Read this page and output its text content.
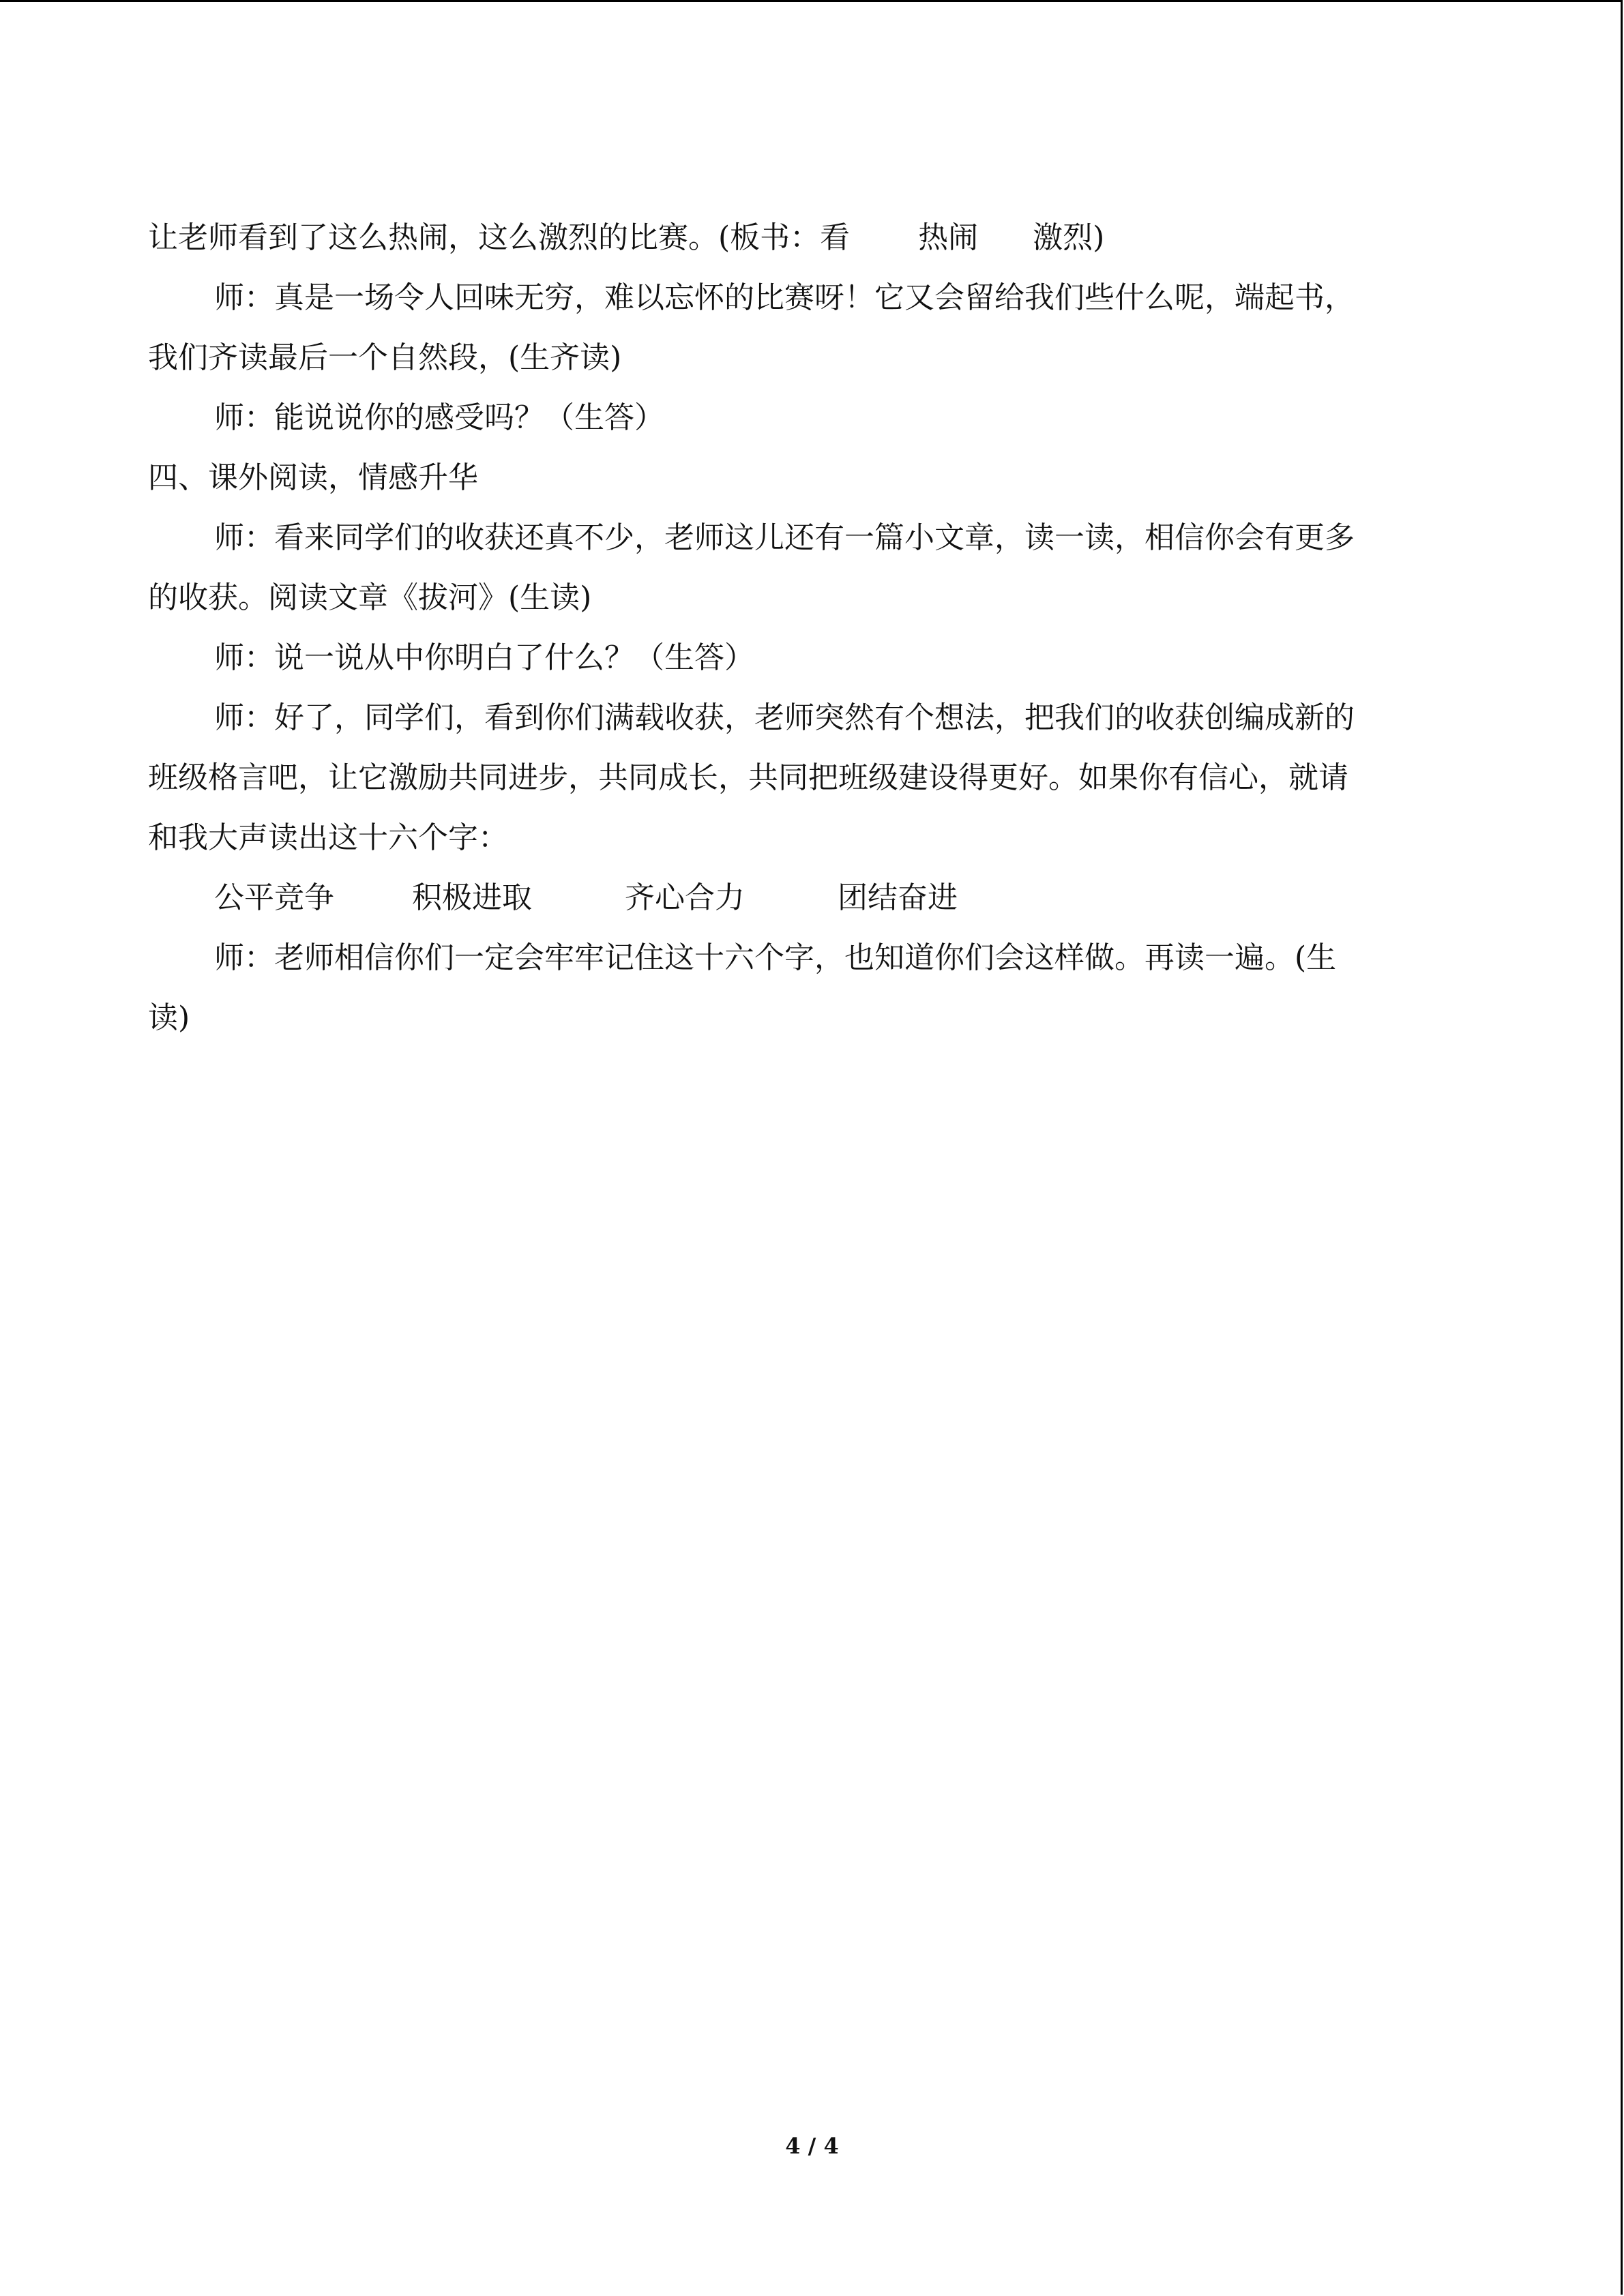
让老师看到了这么热闹，这么激烈的比赛。(板书：看 热闹 激烈)
师：真是一场令人回味无穷，难以忘怀的比赛呀！它又会留给我们些什么呢，端起书，
我们齐读最后一个自然段，(生齐读)
师：能说说你的感受吗？（生答）
四、课外阅读，情感升华
师：看来同学们的收获还真不少，老师这儿还有一篇小文章，读一读，相信你会有更多
的收获。阅读文章《拔河》(生读)
师：说一说从中你明白了什么？（生答）
师：好了，同学们，看到你们满载收获，老师突然有个想法，把我们的收获创编成新的
班级格言吧，让它激励共同进步，共同成长，共同把班级建设得更好。如果你有信心，就请
和我大声读出这十六个字：
公平竞争	积极进取	齐心合力	团结奋进
师：老师相信你们一定会牢牢记住这十六个字，也知道你们会这样做。再读一遍。(生
读)
4 / 4
